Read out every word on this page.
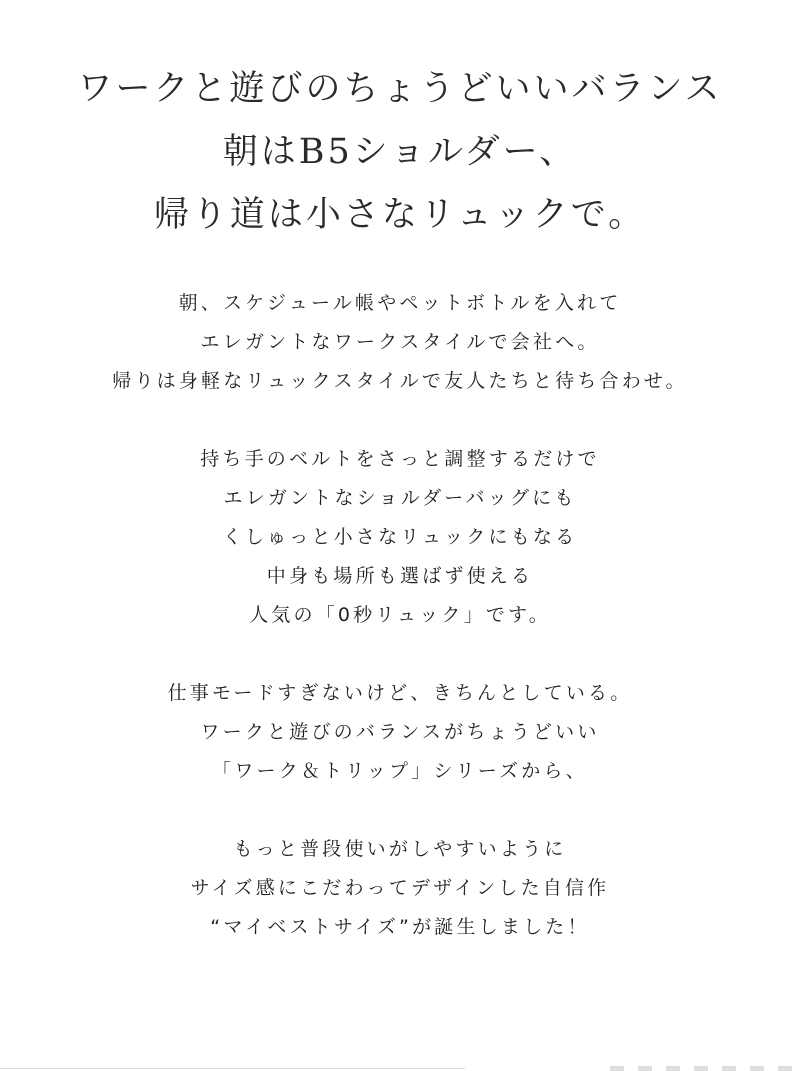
ワークと遊びのちょうどいいバランス
朝はB5ショルダー、
帰り道は小さなリュックで。
朝、スケジュール帳やペットボトルを入れて
エレガントなワークスタイルで会社へ。
帰りは身軽なリュックスタイルで友人たちと待ち合わせ。
持ち手のベルトをさっと調整するだけで
エレガントなショルダーバッグにも
くしゅっと小さなリュックにもなる
中身も場所も選ばず使える
人気の「0秒リュック」です。
仕事モードすぎないけど、きちんとしている。
ワークと遊びのバランスがちょうどいい
「ワーク＆トリップ」シリーズから、
もっと普段使いがしやすいように
サイズ感にこだわってデザインした自信作
“マイベストサイズ”が誕生しました！
